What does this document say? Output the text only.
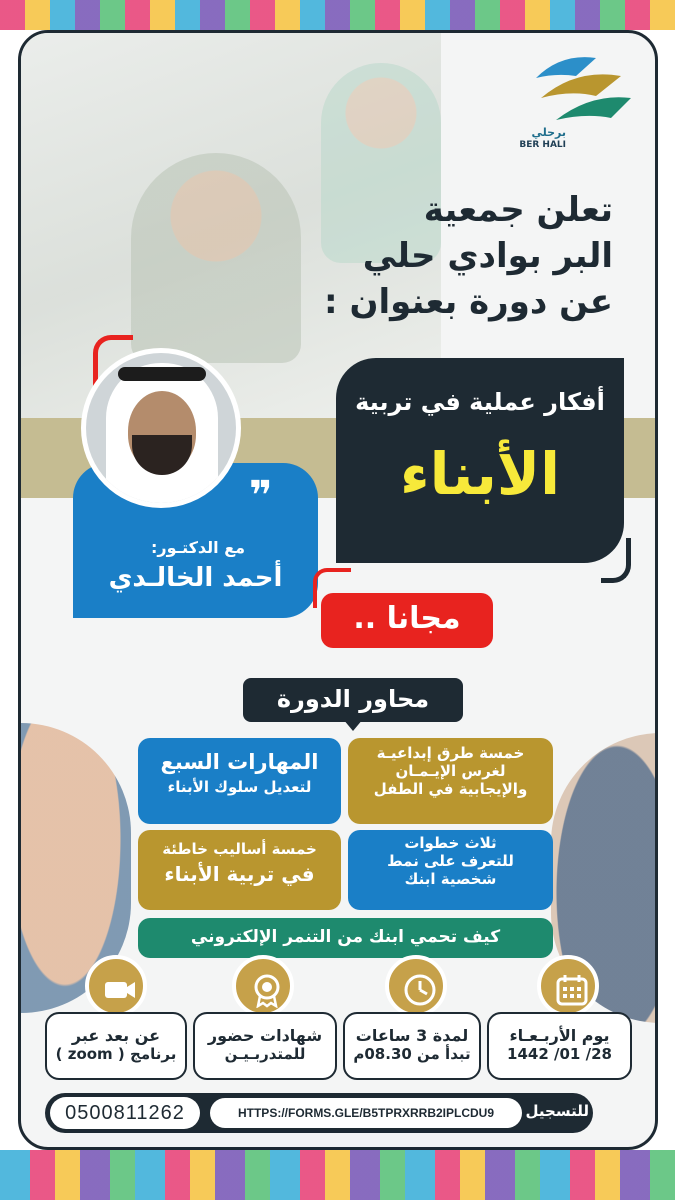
برحلي
BER HALI
تعلن جمعية
البر بوادي حلي
عن دورة بعنوان :
أفكار عملية في تربية
الأبناء
مع الدكتـور:
أحمد الخالـدي
❞
مجانا ..
محاور الدورة
خمسة طرق إبداعيـة
لغرس الإيـمـان
والإيجابية في الطفل
المهارات السبع
لتعديل سلوك الأبناء
ثلاث خطوات
للتعرف على نمط
شخصية ابنك
خمسة أساليب خاطئة
في تربية الأبناء
كيف تحمي ابنك من التنمر الإلكتروني
يوم الأربـعـاء
28/ 01/ 1442
لمدة 3 ساعات
تبدأ من 08.30م
شهادات حضور
للمتدربـيـن
عن بعد عبر
برنامج ( zoom )
0500811262	HTTPS://FORMS.GLE/B5TPRXRRB2IPLCDU9	للتسجيل
